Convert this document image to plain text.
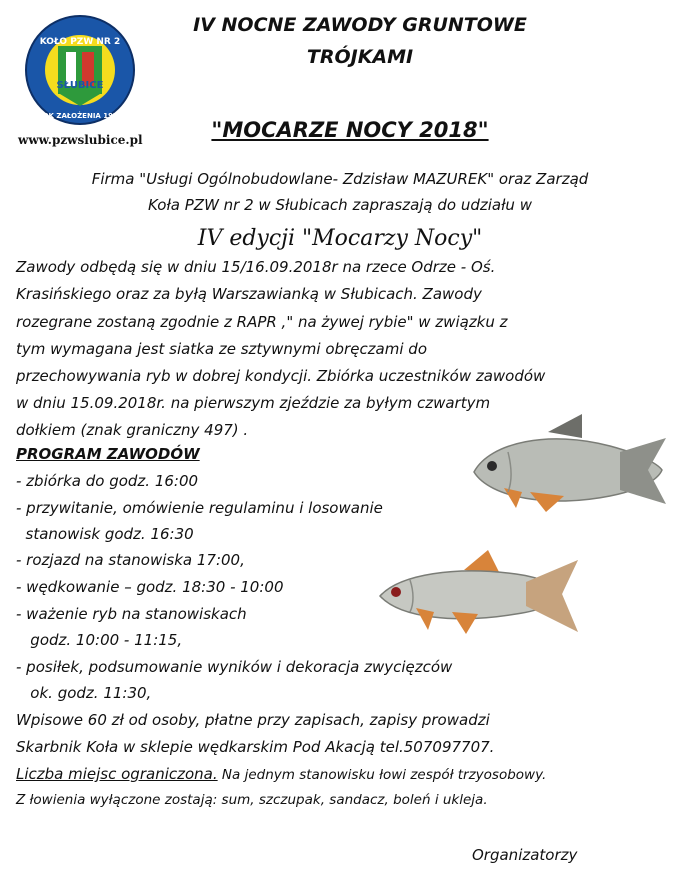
KOŁO PZW NR 2
SŁUBICE
ROK ZAŁOŻENIA 1976
www.pzwslubice.pl
IV NOCNE ZAWODY GRUNTOWE
TRÓJKAMI
"MOCARZE NOCY 2018"
Firma "Usługi Ogólnobudowlane- Zdzisław MAZUREK" oraz Zarząd
Koła PZW nr 2 w Słubicach zapraszają do udziału w
IV edycji "Mocarzy Nocy"
Zawody odbędą się w dniu 15/16.09.2018r na rzece Odrze - Oś.
Krasińskiego oraz za byłą Warszawianką w Słubicach. Zawody
rozegrane zostaną zgodnie z RAPR ," na żywej rybie" w związku z
tym wymagana jest siatka ze sztywnymi obręczami do
przechowywania ryb w dobrej kondycji. Zbiórka uczestników zawodów
w dniu 15.09.2018r. na pierwszym zjeździe za byłym czwartym
dołkiem (znak graniczny 497) .
PROGRAM ZAWODÓW
- zbiórka do godz. 16:00
- przywitanie, omówienie regulaminu i losowanie
stanowisk godz. 16:30
- rozjazd na stanowiska 17:00,
- wędkowanie – godz. 18:30 - 10:00
- ważenie ryb na stanowiskach
godz. 10:00 - 11:15,
- posiłek, podsumowanie wyników i dekoracja zwycięzców
ok. godz. 11:30,
Wpisowe 60 zł od osoby, płatne przy zapisach, zapisy prowadzi
Skarbnik Koła w sklepie wędkarskim Pod Akacją tel.507097707.
Liczba miejsc ograniczona. Na jednym stanowisku łowi zespół trzyosobowy.
Z łowienia wyłączone zostają: sum, szczupak, sandacz, boleń i ukleja.
Organizatorzy
